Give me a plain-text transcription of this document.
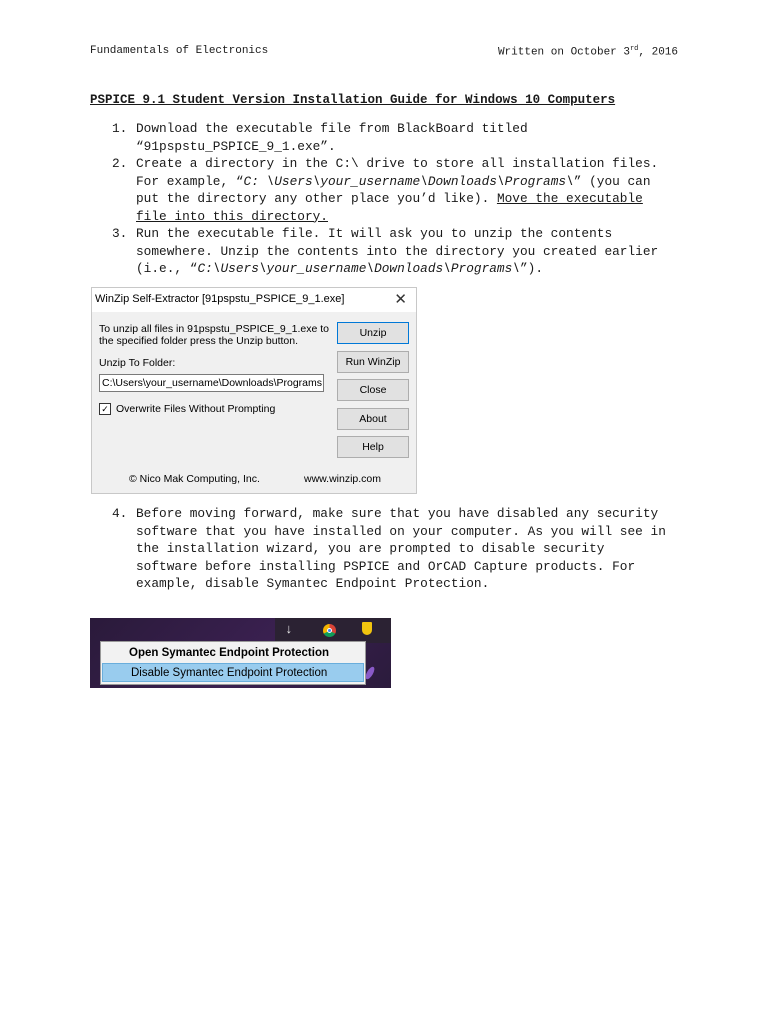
Fundamentals of Electronics	Written on October 3rd, 2016
PSPICE 9.1 Student Version Installation Guide for Windows 10 Computers
1. Download the executable file from BlackBoard titled “91pspstu_PSPICE_9_1.exe”.
2. Create a directory in the C:\ drive to store all installation files. For example, “C: \Users\your_username\Downloads\Programs\” (you can put the directory any other place you’d like). Move the executable file into this directory.
3. Run the executable file. It will ask you to unzip the contents somewhere. Unzip the contents into the directory you created earlier (i.e., “C:\Users\your_username\Downloads\Programs\”).
WinZip Self-Extractor [91pspstu_PSPICE_9_1.exe]	✕
To unzip all files in 91pspstu_PSPICE_9_1.exe to the specified folder press the Unzip button.
Unzip To Folder:
C:\Users\your_username\Downloads\Programs
✓ Overwrite Files Without Prompting
Unzip
Run WinZip
Close
About
Help
© Nico Mak Computing, Inc.	www.winzip.com
4. Before moving forward, make sure that you have disabled any security software that you have installed on your computer. As you will see in the installation wizard, you are prompted to disable security software before installing PSPICE and OrCAD Capture products. For example, disable Symantec Endpoint Protection.
↓
Open Symantec Endpoint Protection
Disable Symantec Endpoint Protection
